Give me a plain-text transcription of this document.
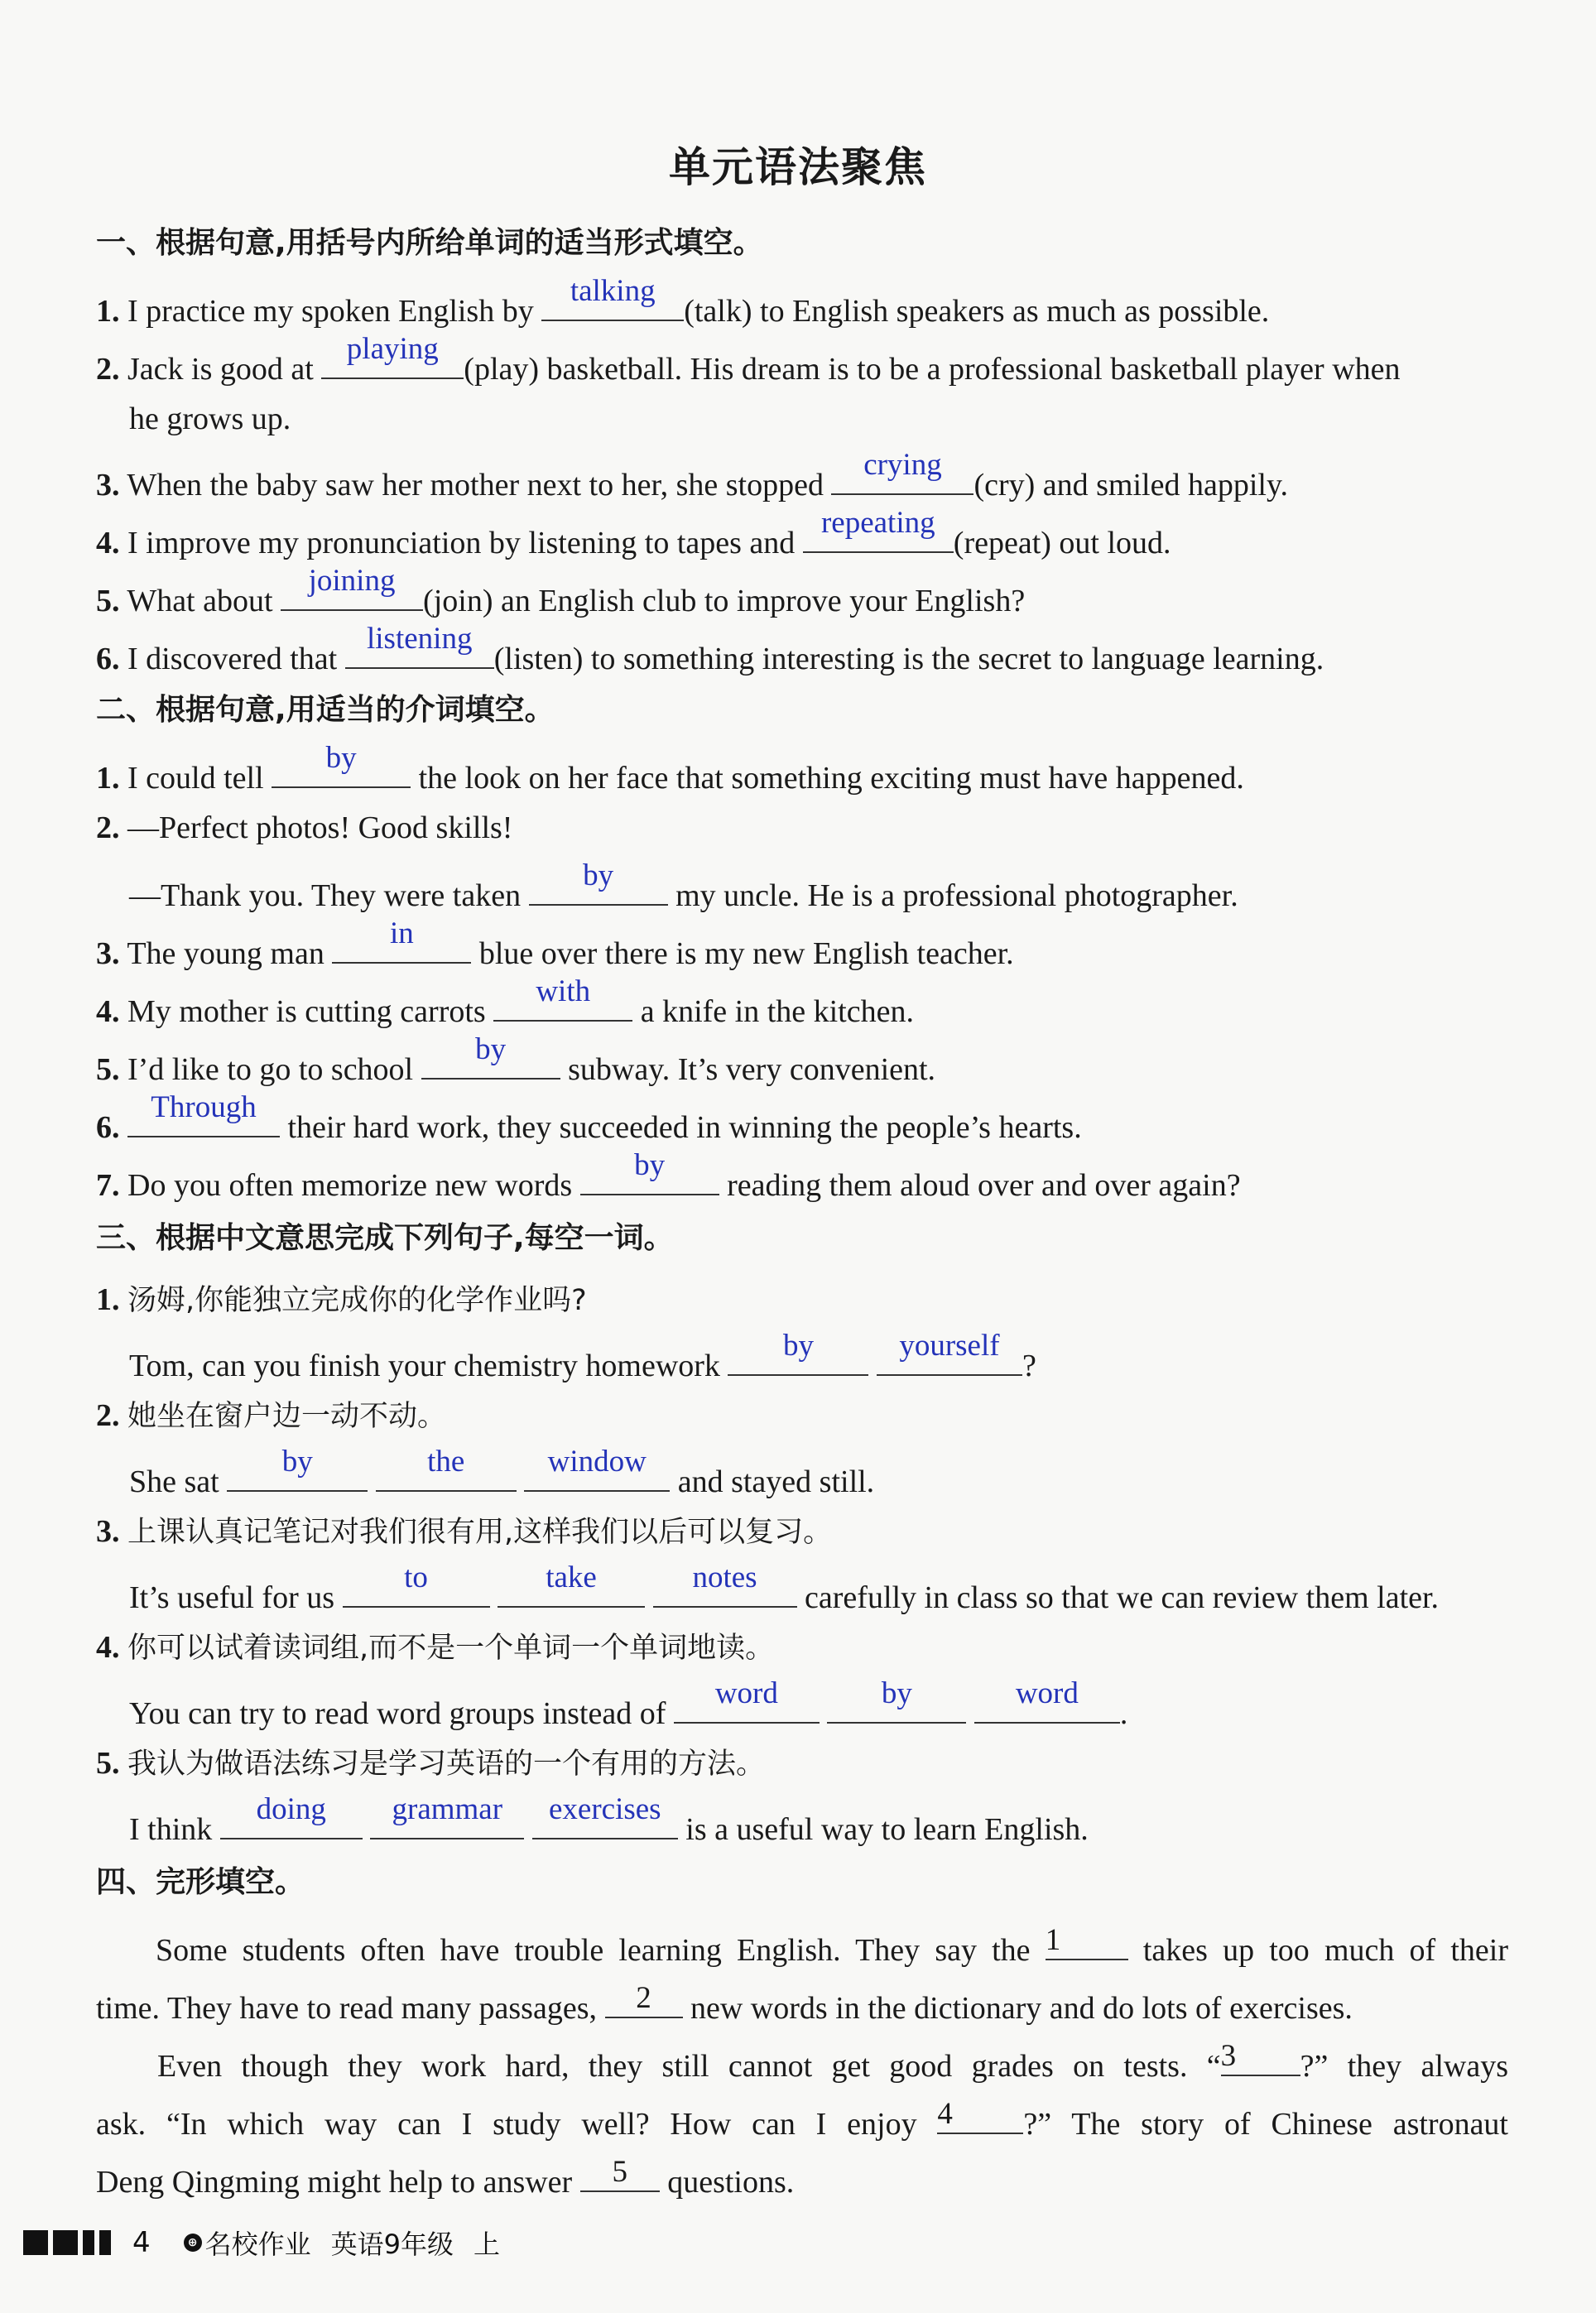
单元语法聚焦
一、根据句意,用括号内所给单词的适当形式填空。
1. I practice my spoken English by
talking
(talk) to English speakers as much as possible.
2. Jack is good at
playing
(play) basketball. His dream is to be a professional basketball player when
he grows up.
3. When the baby saw her mother next to her, she stopped
crying
(cry) and smiled happily.
4. I improve my pronunciation by listening to tapes and
repeating
(repeat) out loud.
5. What about
joining
(join) an English club to improve your English?
6. I discovered that
listening
(listen) to something interesting is the secret to language learning.
二、根据句意,用适当的介词填空。
1. I could tell
by
the look on her face that something exciting must have happened.
2. —Perfect photos! Good skills!
—Thank you. They were taken
by
my uncle. He is a professional photographer.
3. The young man
in
blue over there is my new English teacher.
4. My mother is cutting carrots
with
a knife in the kitchen.
5. I’d like to go to school
by
subway. It’s very convenient.
6.
Through
their hard work, they succeeded in winning the people’s hearts.
7. Do you often memorize new words
by
reading them aloud over and over again?
三、根据中文意思完成下列句子,每空一词。
1. 汤姆,你能独立完成你的化学作业吗?
Tom, can you finish your chemistry homework
by
	yourself
?
2. 她坐在窗户边一动不动。
She sat
by
	the
	window
and stayed still.
3. 上课认真记笔记对我们很有用,这样我们以后可以复习。
It’s useful for us
to
	take
	notes
carefully in class so that we can review them later.
4. 你可以试着读词组,而不是一个单词一个单词地读。
You can try to read word groups instead of
word
	by
	word
.
5. 我认为做语法练习是学习英语的一个有用的方法。
I think
doing
	grammar
	exercises
is a useful way to learn English.
四、完形填空。
Some students often have trouble learning English. They say the 1	takes up too much of their
time. They have to read many passages,	2	new words in the dictionary and do lots of exercises.
Even though they work hard, they still cannot get good grades on tests. “ 3	?” they always
ask. “In which way can I study well? How can I enjoy 4	?” The story of Chinese astronaut
Deng Qingming might help to answer	5	questions.
4	⊕ 名校作业 英语9年级 上
